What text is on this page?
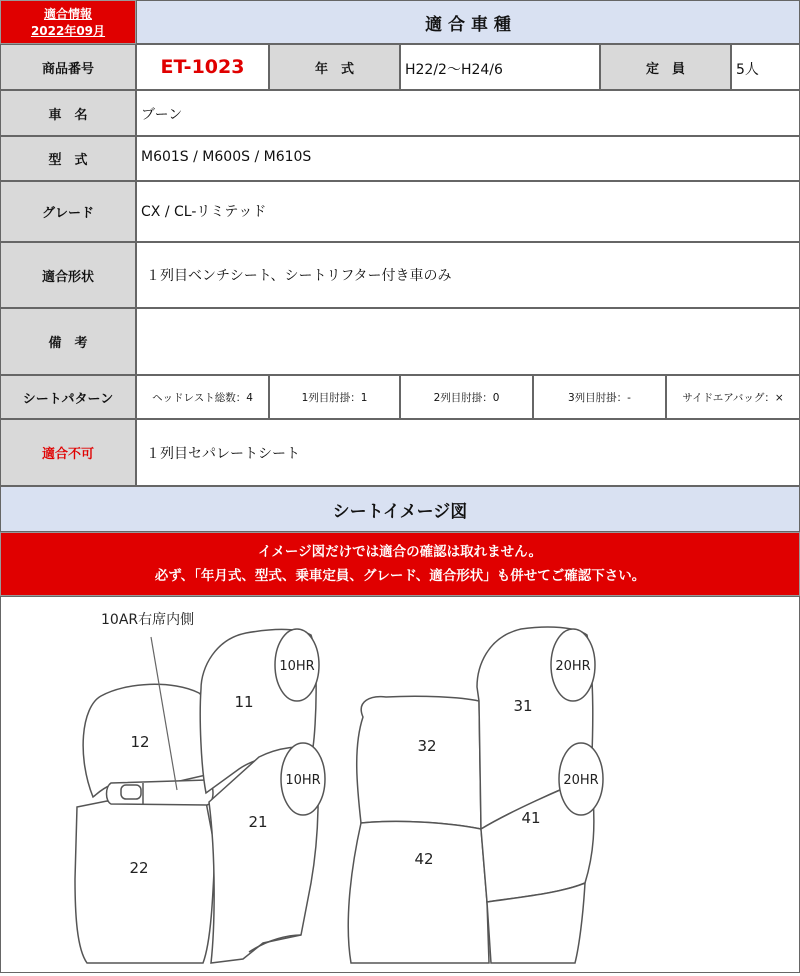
適合情報
2022年09月	適 合 車 種
商品番号	ET-1023	年　式	H22/2〜H24/6	定　員	5人
車　名	ブーン
型　式	M601S / M600S / M610S
グレード	CX / CL-リミテッド
適合形状	１列目ベンチシート、シートリフター付き車のみ
備　考
シートパターン	ヘッドレスト総数：4	1列目肘掛：1	2列目肘掛：0	3列目肘掛：-	サイドエアバッグ：×
適合不可	１列目セパレートシート
シートイメージ図
イメージ図だけでは適合の確認は取れません。
必ず、「年月式、型式、乗車定員、グレード、適合形状」も併せてご確認下さい。
10AR右席内側
10HR
10HR
20HR
20HR
11
12
21
22
31
32
41
42
